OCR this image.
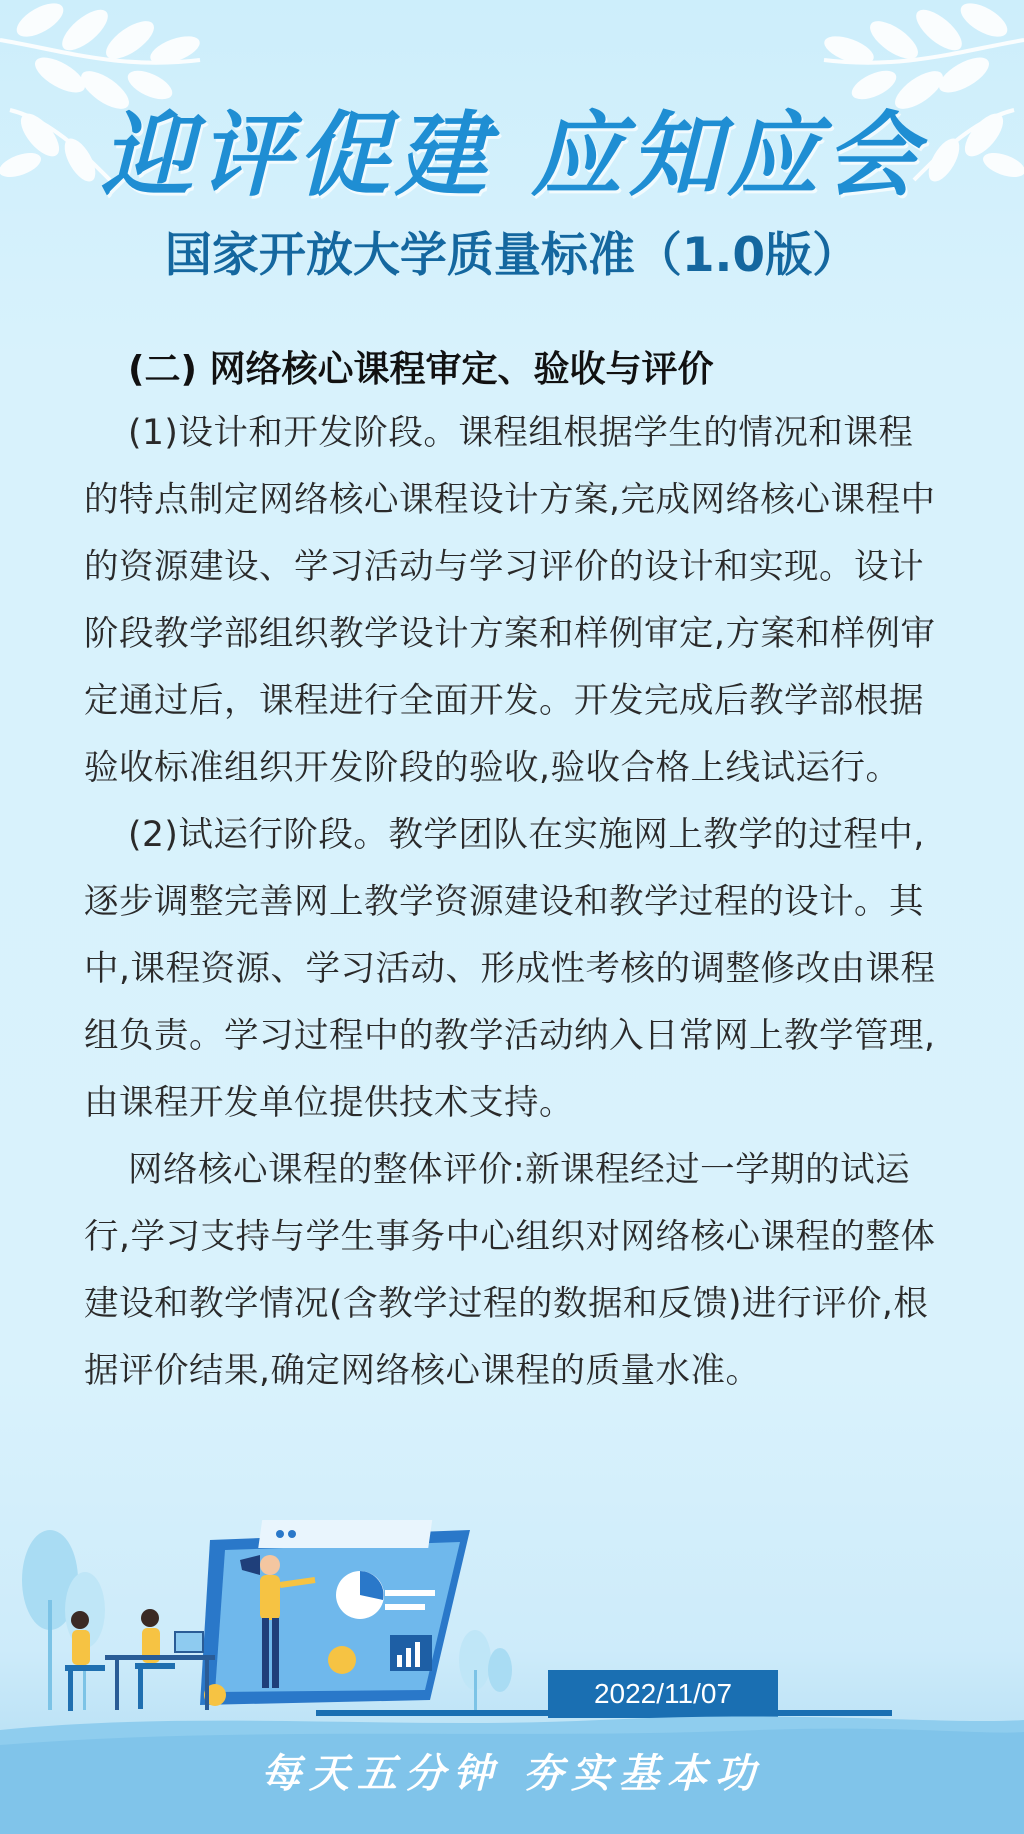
迎评促建 应知应会
国家开放大学质量标准（1.0版）
(二) 网络核心课程审定、验收与评价

(1)设计和开发阶段。课程组根据学生的情况和课程的特点制定网络核心课程设计方案,完成网络核心课程中的资源建设、学习活动与学习评价的设计和实现。设计阶段教学部组织教学设计方案和样例审定,方案和样例审定通过后，课程进行全面开发。开发完成后教学部根据验收标准组织开发阶段的验收,验收合格上线试运行。

(2)试运行阶段。教学团队在实施网上教学的过程中,逐步调整完善网上教学资源建设和教学过程的设计。其中,课程资源、学习活动、形成性考核的调整修改由课程组负责。学习过程中的教学活动纳入日常网上教学管理,由课程开发单位提供技术支持。

网络核心课程的整体评价:新课程经过一学期的试运行,学习支持与学生事务中心组织对网络核心课程的整体建设和教学情况(含教学过程的数据和反馈)进行评价,根据评价结果,确定网络核心课程的质量水准。

2022/11/07
每天五分钟 夯实基本功
